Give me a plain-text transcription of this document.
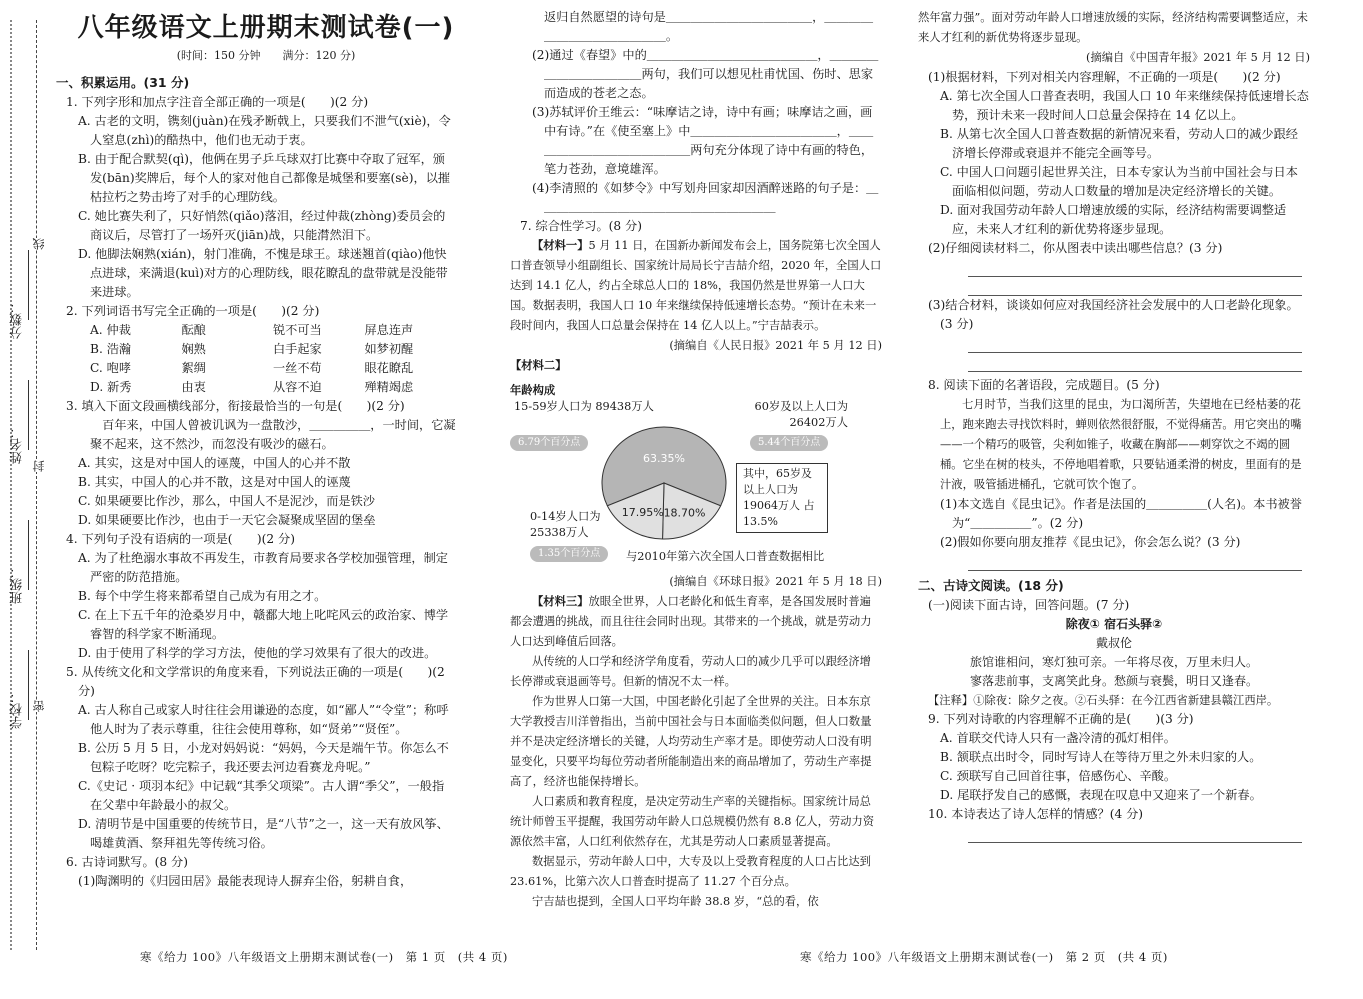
学校：
班级：
姓名：
分数：
密
封
线
八年级语文上册期末测试卷(一)
(时间：150 分钟　　满分：120 分)
一、积累运用。(31 分)
1. 下列字形和加点字注音全部正确的一项是(　　)(2 分)
A. 古老的文明，镌刻(juàn)在残矛断戟上，只要我们不泄气(xiè)，令人窒息(zhì)的酷热中，他们也无动于衷。
B. 由于配合默契(qì)，他俩在男子乒乓球双打比赛中夺取了冠军，颁发(bān)奖牌后，每个人的家对他自己都像是城堡和要塞(sè)，以摧枯拉朽之势击垮了对手的心理防线。
C. 她比赛失利了，只好悄然(qiǎo)落泪，经过仲裁(zhòng)委员会的商议后，尽管打了一场歼灭(jiān)战，只能潸然泪下。
D. 他脚法娴熟(xián)，射门准确，不愧是球王。球迷翘首(qiào)他快点进球，来满退(kuì)对方的心理防线，眼花瞭乱的盘带就是没能带来进球。
2. 下列词语书写完全正确的一项是(　　)(2 分)
A. 仲裁	酝酿	锐不可当	屏息连声
B. 浩瀚	娴熟	白手起家	如梦初醒
C. 咆哮	絮绸	一丝不苟	眼花瞭乱
D. 新秀	由衷	从容不迫	殚精竭虑
3. 填入下面文段画横线部分，衔接最恰当的一句是(　　)(2 分)
　百年来，中国人曾被讥讽为一盘散沙，＿＿＿＿＿，一时间，它凝聚不起来，这不然沙，而忽没有吸沙的磁石。
A. 其实，这是对中国人的诬蔑，中国人的心并不散
B. 其实，中国人的心并不散，这是对中国人的诬蔑
C. 如果硬要比作沙，那么，中国人不是泥沙，而是铁沙
D. 如果硬要比作沙，也由于一天它会凝聚成坚固的堡垒
4. 下列句子没有语病的一项是(　　)(2 分)
A. 为了杜绝溺水事故不再发生，市教育局要求各学校加强管理，制定严密的防范措施。
B. 每个中学生将来都希望自己成为有用之才。
C. 在上下五千年的沧桑岁月中，赣鄱大地上叱咤风云的政治家、博学睿智的科学家不断涌现。
D. 由于使用了科学的学习方法，使他的学习效果有了很大的改进。
5. 从传统文化和文学常识的角度来看，下列说法正确的一项是(　　)(2 分)
A. 古人称自己或家人时往往会用谦逊的态度，如“鄙人”“令堂”；称呼他人时为了表示尊重，往往会使用尊称，如“贤弟”“贤侄”。
B. 公历 5 月 5 日，小龙对妈妈说：“妈妈，今天是端午节。你怎么不包粽子吃呀？吃完粽子，我还要去河边看赛龙舟呢。”
C.《史记 · 项羽本纪》中记载“其季父项梁”。古人谓“季父”，一般指在父辈中年龄最小的叔父。
D. 清明节是中国重要的传统节日，是“八节”之一，这一天有放风筝、喝雄黄酒、祭拜祖先等传统习俗。
6. 古诗词默写。(8 分)
(1)陶渊明的《归园田居》最能表现诗人摒弃尘俗，躬耕自食，
返归自然愿望的诗句是＿＿＿＿＿＿＿＿＿＿＿＿，＿＿＿＿＿＿＿＿＿＿＿＿＿＿。
(2)通过《春望》中的＿＿＿＿＿＿＿＿＿＿＿＿＿＿，＿＿＿＿＿＿＿＿＿＿＿＿两句，我们可以想见杜甫忧国、伤时、思家而造成的苍老之态。
(3)苏轼评价王维云：“味摩诘之诗，诗中有画；味摩诘之画，画中有诗。”在《使至塞上》中＿＿＿＿＿＿＿＿＿＿＿＿，＿＿＿＿＿＿＿＿＿＿＿＿＿＿两句充分体现了诗中有画的特色，笔力苍劲，意境雄浑。
(4)李清照的《如梦令》中写划舟回家却因酒醉迷路的句子是：＿＿＿＿＿＿＿＿＿＿＿＿＿＿＿＿＿＿＿＿
7. 综合性学习。(8 分)

【材料一】5 月 11 日，在国新办新闻发布会上，国务院第七次全国人口普查领导小组副组长、国家统计局局长宁吉喆介绍，2020 年，全国人口达到 14.1 亿人，约占全球总人口的 18%，我国仍然是世界第一人口大国。数据表明，我国人口 10 年来继续保持低速增长态势。“预计在未来一段时间内，我国人口总量会保持在 14 亿人以上。”宁吉喆表示。

(摘编自《人民日报》2021 年 5 月 12 日)
【材料二】
年龄构成
15-59岁人口为 89438万人
6.79个百分点
60岁及以上人口为 26402万人
5.44个百分点
其中，65岁及以上人口为 19064万人 占13.5%
0-14岁人口为 25338万人
1.35个百分点	与2010年第六次全国人口普查数据相比
63.35%
18.70%
17.95%
(摘编自《环球日报》2021 年 5 月 18 日)

【材料三】放眼全世界，人口老龄化和低生育率，是各国发展时普遍都会遭遇的挑战，而且往往会同时出现。其带来的一个挑战，就是劳动力人口达到峰值后回落。

从传统的人口学和经济学角度看，劳动人口的减少几乎可以跟经济增长停滞或衰退画等号。但新的情况不太一样。

作为世界人口第一大国，中国老龄化引起了全世界的关注。日本东京大学教授吉川洋曾指出，当前中国社会与日本面临类似问题，但人口数量并不是决定经济增长的关键，人均劳动生产率才是。即使劳动人口没有明显变化，只要平均每位劳动者所能制造出来的商品增加了，劳动生产率提高了，经济也能保持增长。

人口素质和教育程度，是决定劳动生产率的关键指标。国家统计局总统计师曾玉平提醒，我国劳动年龄人口总规模仍然有 8.8 亿人，劳动力资源依然丰富，人口红利依然存在，尤其是劳动人口素质显著提高。

数据显示，劳动年龄人口中，大专及以上受教育程度的人口占比达到 23.61%，比第六次人口普查时提高了 11.27 个百分点。

宁吉喆也提到，全国人口平均年龄 38.8 岁，“总的看，依

然年富力强”。面对劳动年龄人口增速放缓的实际，经济结构需要调整适应，未来人才红利的新优势将逐步显现。
(摘编自《中国青年报》2021 年 5 月 12 日)
(1)根据材料，下列对相关内容理解，不正确的一项是(　　)(2 分)
A. 第七次全国人口普查表明，我国人口 10 年来继续保持低速增长态势，预计未来一段时间人口总量会保持在 14 亿以上。
B. 从第七次全国人口普查数据的新情况来看，劳动人口的减少跟经济增长停滞或衰退并不能完全画等号。
C. 中国人口问题引起世界关注，日本专家认为当前中国社会与日本面临相似问题，劳动人口数量的增加是决定经济增长的关键。
D. 面对我国劳动年龄人口增速放缓的实际，经济结构需要调整适应，未来人才红利的新优势将逐步显现。
(2)仔细阅读材料二，你从图表中读出哪些信息？(3 分)
(3)结合材料，谈谈如何应对我国经济社会发展中的人口老龄化现象。(3 分)
8. 阅读下面的名著语段，完成题目。(5 分)

七月时节，当我们这里的昆虫，为口渴所苦，失望地在已经枯萎的花上，跑来跑去寻找饮料时，蝉则依然很舒服，不觉得痛苦。用它突出的嘴——一个精巧的吸管，尖利如锥子，收藏在胸部——刺穿饮之不竭的圆桶。它坐在树的枝头，不停地唱着歌，只要钻通柔滑的树皮，里面有的是汁液，吸管插进桶孔，它就可饮个饱了。

(1)本文选自《昆虫记》。作者是法国的＿＿＿＿＿(人名)。本书被誉为“＿＿＿＿＿”。(2 分)
(2)假如你要向朋友推荐《昆虫记》，你会怎么说？(3 分)
二、古诗文阅读。(18 分)
(一)阅读下面古诗，回答问题。(7 分)
除夜① 宿石头驿②
戴叔伦
旅馆谁相问，寒灯独可亲。一年将尽夜，万里未归人。
寥落悲前事，支离笑此身。愁颜与衰鬓，明日又逢春。
【注释】①除夜：除夕之夜。②石头驿：在今江西省新建县赣江西岸。
9. 下列对诗歌的内容理解不正确的是(　　)(3 分)
A. 首联交代诗人只有一盏冷清的孤灯相伴。
B. 颔联点出时令，同时写诗人在等待万里之外未归家的人。
C. 颈联写自己回首往事，倍感伤心、辛酸。
D. 尾联抒发自己的感慨，表现在叹息中又迎来了一个新春。
10. 本诗表达了诗人怎样的情感？(4 分)
寒《给力 100》八年级语文上册期末测试卷(一)　第 1 页　(共 4 页)	寒《给力 100》八年级语文上册期末测试卷(一)　第 2 页　(共 4 页)
